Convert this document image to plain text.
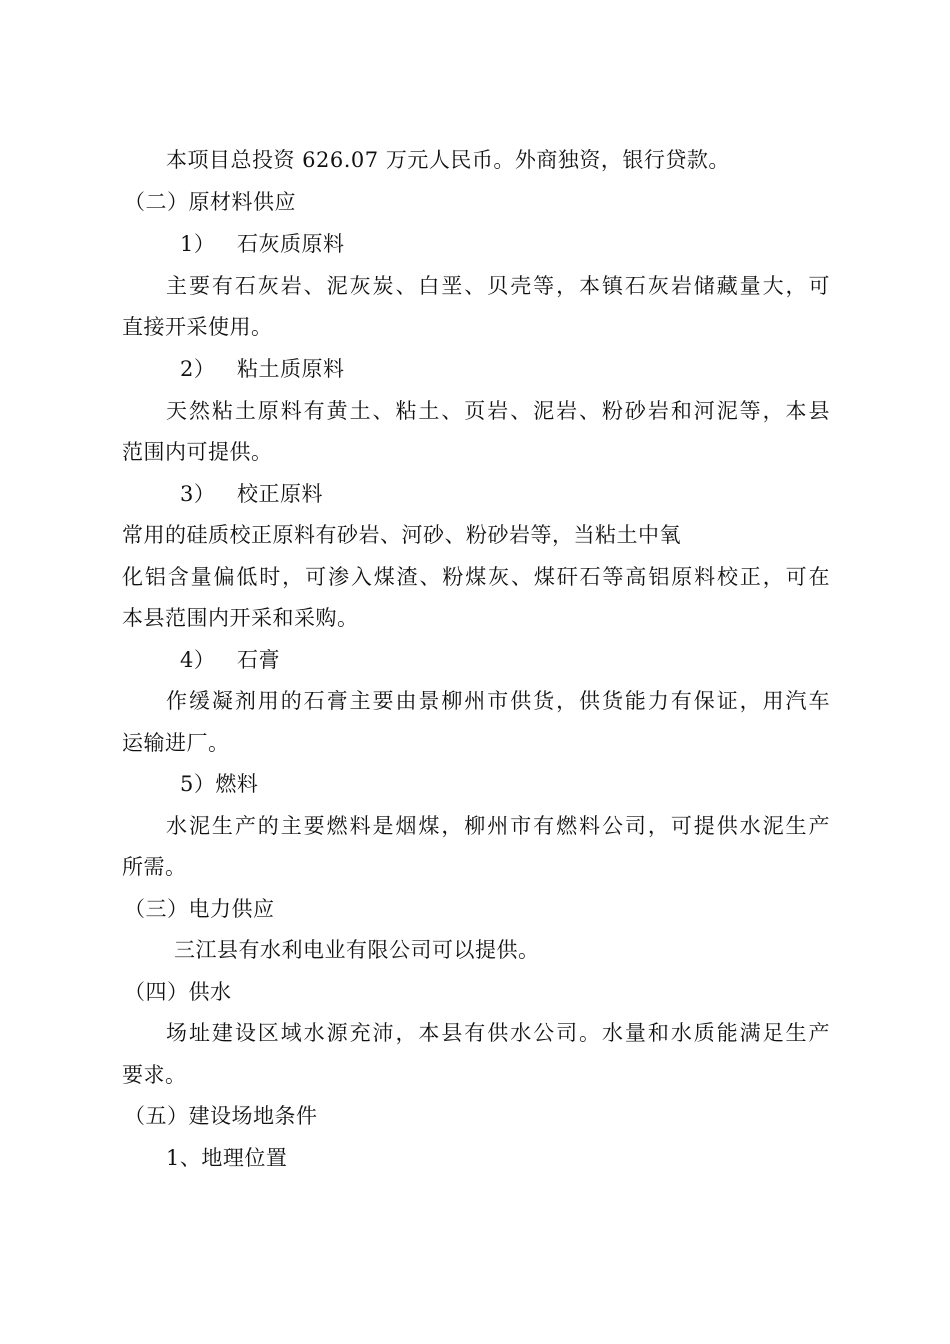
本项目总投资 626.07 万元人民币。外商独资，银行贷款。
（二）原材料供应
1） 石灰质原料
主要有石灰岩、泥灰炭、白垩、贝壳等，本镇石灰岩储藏量大，可
直接开采使用。
2） 粘土质原料
天然粘土原料有黄土、粘土、页岩、泥岩、粉砂岩和河泥等，本县
范围内可提供。
3） 校正原料
常用的硅质校正原料有砂岩、河砂、粉砂岩等，当粘土中氧
化铝含量偏低时，可渗入煤渣、粉煤灰、煤矸石等高铝原料校正，可在
本县范围内开采和采购。
4） 石膏
作缓凝剂用的石膏主要由景柳州市供货，供货能力有保证，用汽车
运输进厂。
5）燃料
水泥生产的主要燃料是烟煤，柳州市有燃料公司，可提供水泥生产
所需。
（三）电力供应
三江县有水利电业有限公司可以提供。
（四）供水
场址建设区域水源充沛，本县有供水公司。水量和水质能满足生产
要求。
（五）建设场地条件
1、地理位置
